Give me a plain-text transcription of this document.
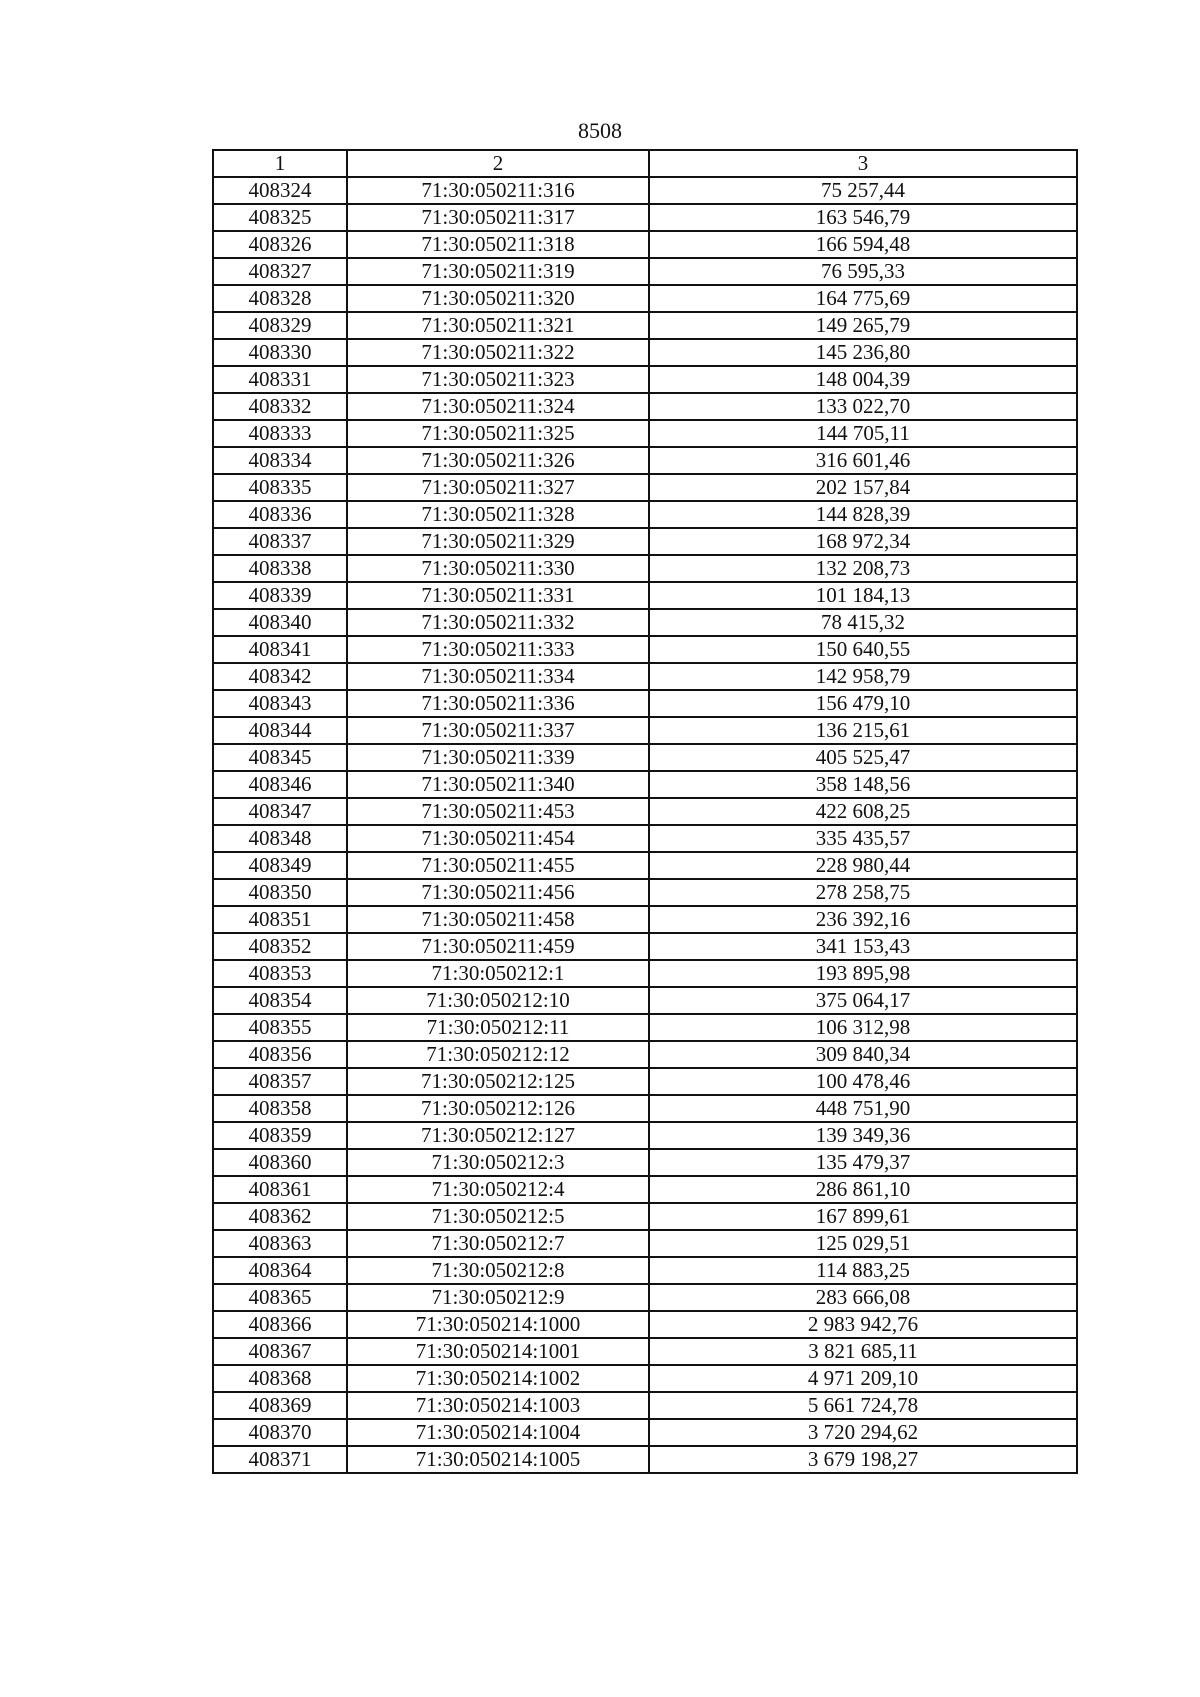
8508
1	2	3
408324	71:30:050211:316	75 257,44
408325	71:30:050211:317	163 546,79
408326	71:30:050211:318	166 594,48
408327	71:30:050211:319	76 595,33
408328	71:30:050211:320	164 775,69
408329	71:30:050211:321	149 265,79
408330	71:30:050211:322	145 236,80
408331	71:30:050211:323	148 004,39
408332	71:30:050211:324	133 022,70
408333	71:30:050211:325	144 705,11
408334	71:30:050211:326	316 601,46
408335	71:30:050211:327	202 157,84
408336	71:30:050211:328	144 828,39
408337	71:30:050211:329	168 972,34
408338	71:30:050211:330	132 208,73
408339	71:30:050211:331	101 184,13
408340	71:30:050211:332	78 415,32
408341	71:30:050211:333	150 640,55
408342	71:30:050211:334	142 958,79
408343	71:30:050211:336	156 479,10
408344	71:30:050211:337	136 215,61
408345	71:30:050211:339	405 525,47
408346	71:30:050211:340	358 148,56
408347	71:30:050211:453	422 608,25
408348	71:30:050211:454	335 435,57
408349	71:30:050211:455	228 980,44
408350	71:30:050211:456	278 258,75
408351	71:30:050211:458	236 392,16
408352	71:30:050211:459	341 153,43
408353	71:30:050212:1	193 895,98
408354	71:30:050212:10	375 064,17
408355	71:30:050212:11	106 312,98
408356	71:30:050212:12	309 840,34
408357	71:30:050212:125	100 478,46
408358	71:30:050212:126	448 751,90
408359	71:30:050212:127	139 349,36
408360	71:30:050212:3	135 479,37
408361	71:30:050212:4	286 861,10
408362	71:30:050212:5	167 899,61
408363	71:30:050212:7	125 029,51
408364	71:30:050212:8	114 883,25
408365	71:30:050212:9	283 666,08
408366	71:30:050214:1000	2 983 942,76
408367	71:30:050214:1001	3 821 685,11
408368	71:30:050214:1002	4 971 209,10
408369	71:30:050214:1003	5 661 724,78
408370	71:30:050214:1004	3 720 294,62
408371	71:30:050214:1005	3 679 198,27
